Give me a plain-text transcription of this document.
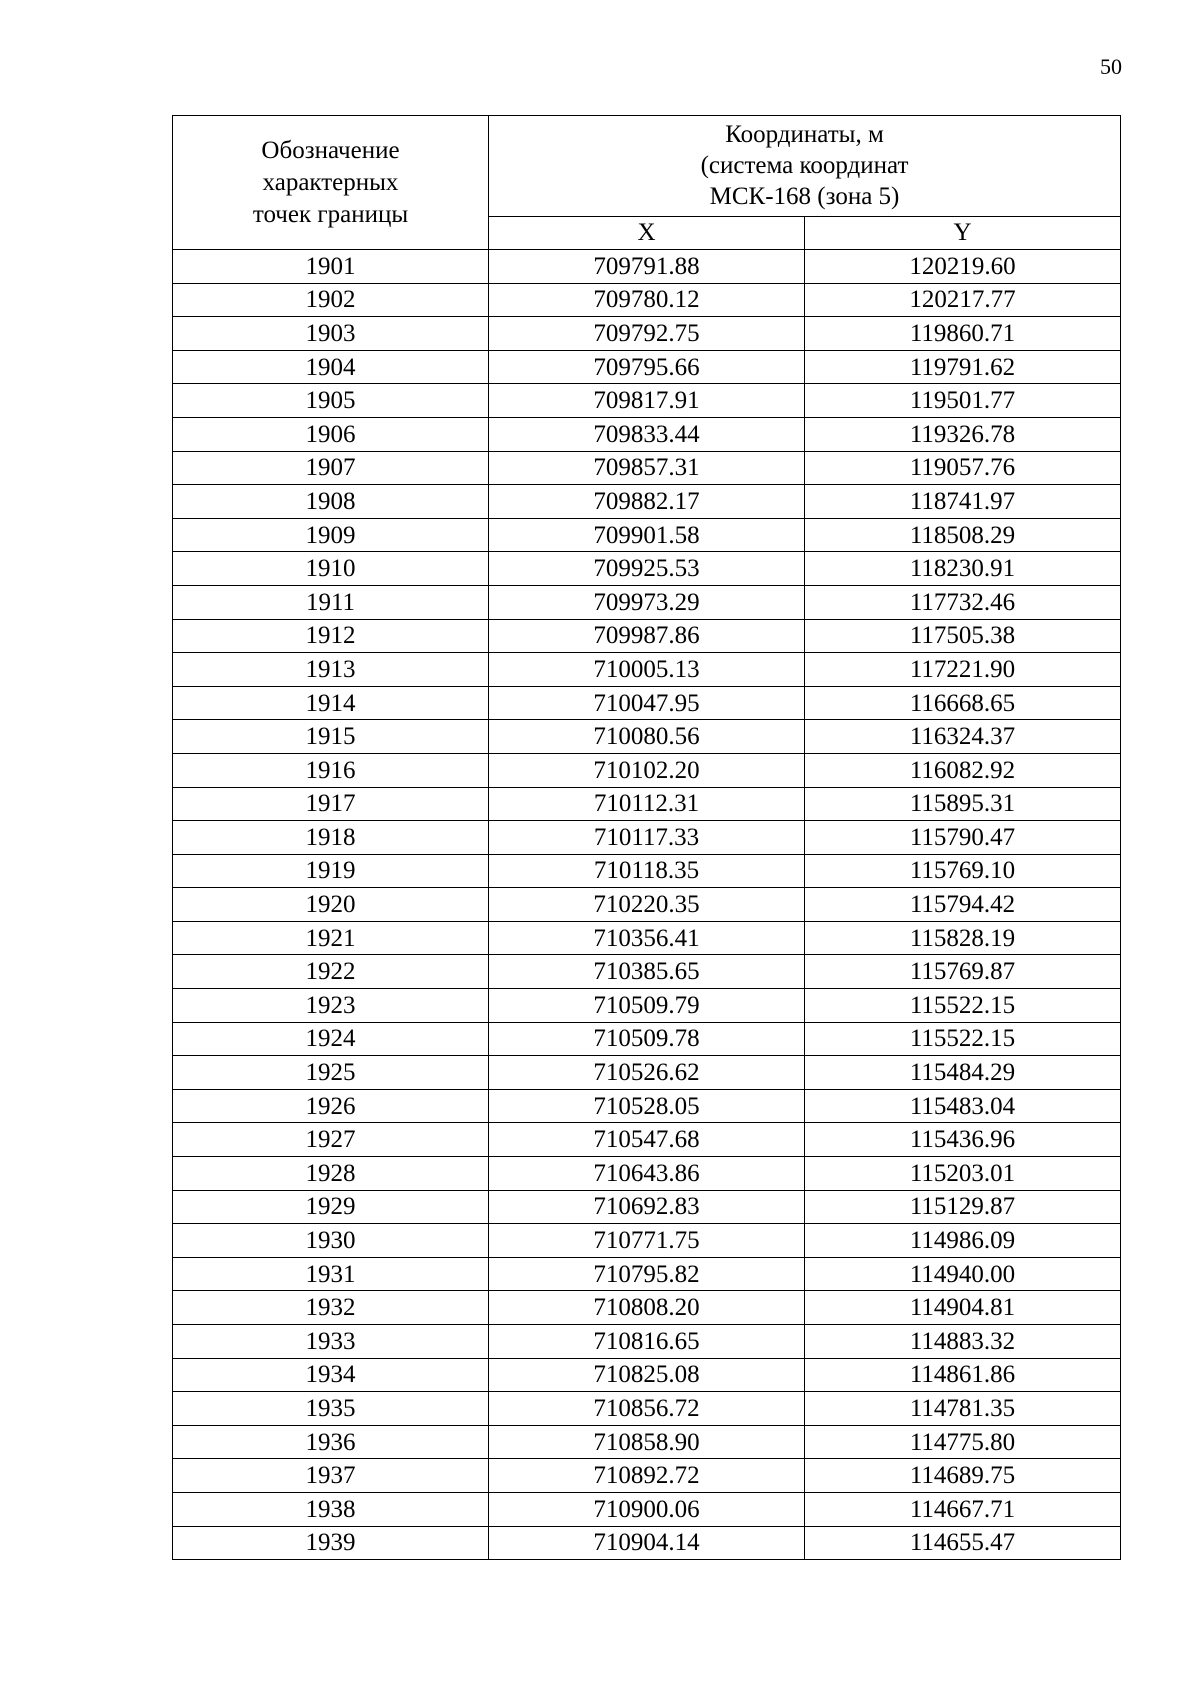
50
Обозначение
характерных
точек границы	Координаты, м
(система координат
МСК-168 (зона 5)	

	X	Y
1901	709791.88	120219.60
1902	709780.12	120217.77
1903	709792.75	119860.71
1904	709795.66	119791.62
1905	709817.91	119501.77
1906	709833.44	119326.78
1907	709857.31	119057.76
1908	709882.17	118741.97
1909	709901.58	118508.29
1910	709925.53	118230.91
1911	709973.29	117732.46
1912	709987.86	117505.38
1913	710005.13	117221.90
1914	710047.95	116668.65
1915	710080.56	116324.37
1916	710102.20	116082.92
1917	710112.31	115895.31
1918	710117.33	115790.47
1919	710118.35	115769.10
1920	710220.35	115794.42
1921	710356.41	115828.19
1922	710385.65	115769.87
1923	710509.79	115522.15
1924	710509.78	115522.15
1925	710526.62	115484.29
1926	710528.05	115483.04
1927	710547.68	115436.96
1928	710643.86	115203.01
1929	710692.83	115129.87
1930	710771.75	114986.09
1931	710795.82	114940.00
1932	710808.20	114904.81
1933	710816.65	114883.32
1934	710825.08	114861.86
1935	710856.72	114781.35
1936	710858.90	114775.80
1937	710892.72	114689.75
1938	710900.06	114667.71
1939	710904.14	114655.47
